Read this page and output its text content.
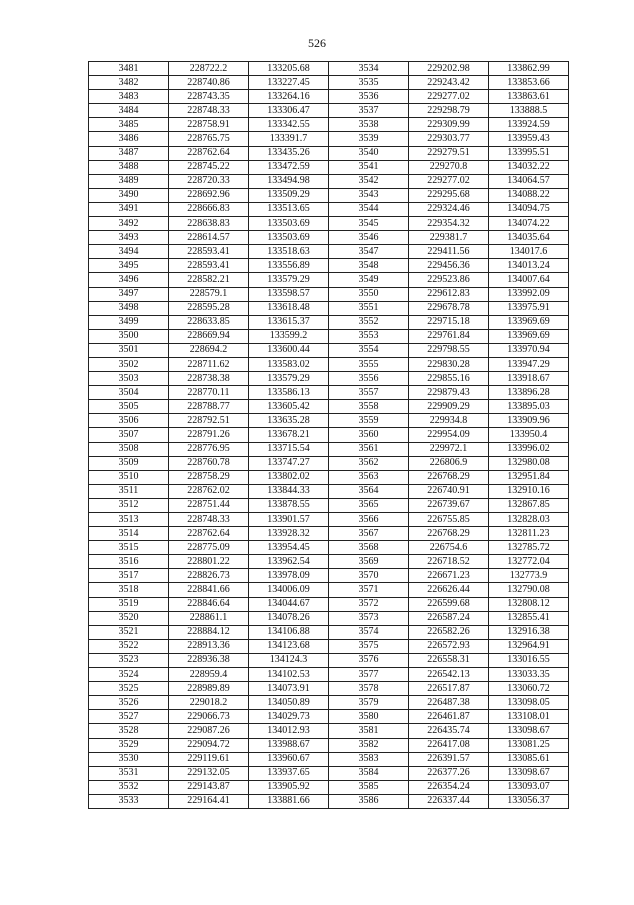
526
3481	228722.2	133205.68	3534	229202.98	133862.99
3482	228740.86	133227.45	3535	229243.42	133853.66
3483	228743.35	133264.16	3536	229277.02	133863.61
3484	228748.33	133306.47	3537	229298.79	133888.5
3485	228758.91	133342.55	3538	229309.99	133924.59
3486	228765.75	133391.7	3539	229303.77	133959.43
3487	228762.64	133435.26	3540	229279.51	133995.51
3488	228745.22	133472.59	3541	229270.8	134032.22
3489	228720.33	133494.98	3542	229277.02	134064.57
3490	228692.96	133509.29	3543	229295.68	134088.22
3491	228666.83	133513.65	3544	229324.46	134094.75
3492	228638.83	133503.69	3545	229354.32	134074.22
3493	228614.57	133503.69	3546	229381.7	134035.64
3494	228593.41	133518.63	3547	229411.56	134017.6
3495	228593.41	133556.89	3548	229456.36	134013.24
3496	228582.21	133579.29	3549	229523.86	134007.64
3497	228579.1	133598.57	3550	229612.83	133992.09
3498	228595.28	133618.48	3551	229678.78	133975.91
3499	228633.85	133615.37	3552	229715.18	133969.69
3500	228669.94	133599.2	3553	229761.84	133969.69
3501	228694.2	133600.44	3554	229798.55	133970.94
3502	228711.62	133583.02	3555	229830.28	133947.29
3503	228738.38	133579.29	3556	229855.16	133918.67
3504	228770.11	133586.13	3557	229879.43	133896.28
3505	228788.77	133605.42	3558	229909.29	133895.03
3506	228792.51	133635.28	3559	229934.8	133909.96
3507	228791.26	133678.21	3560	229954.09	133950.4
3508	228776.95	133715.54	3561	229972.1	133996.02
3509	228760.78	133747.27	3562	226806.9	132980.08
3510	228758.29	133802.02	3563	226768.29	132951.84
3511	228762.02	133844.33	3564	226740.91	132910.16
3512	228751.44	133878.55	3565	226739.67	132867.85
3513	228748.33	133901.57	3566	226755.85	132828.03
3514	228762.64	133928.32	3567	226768.29	132811.23
3515	228775.09	133954.45	3568	226754.6	132785.72
3516	228801.22	133962.54	3569	226718.52	132772.04
3517	228826.73	133978.09	3570	226671.23	132773.9
3518	228841.66	134006.09	3571	226626.44	132790.08
3519	228846.64	134044.67	3572	226599.68	132808.12
3520	228861.1	134078.26	3573	226587.24	132855.41
3521	228884.12	134106.88	3574	226582.26	132916.38
3522	228913.36	134123.68	3575	226572.93	132964.91
3523	228936.38	134124.3	3576	226558.31	133016.55
3524	228959.4	134102.53	3577	226542.13	133033.35
3525	228989.89	134073.91	3578	226517.87	133060.72
3526	229018.2	134050.89	3579	226487.38	133098.05
3527	229066.73	134029.73	3580	226461.87	133108.01
3528	229087.26	134012.93	3581	226435.74	133098.67
3529	229094.72	133988.67	3582	226417.08	133081.25
3530	229119.61	133960.67	3583	226391.57	133085.61
3531	229132.05	133937.65	3584	226377.26	133098.67
3532	229143.87	133905.92	3585	226354.24	133093.07
3533	229164.41	133881.66	3586	226337.44	133056.37
